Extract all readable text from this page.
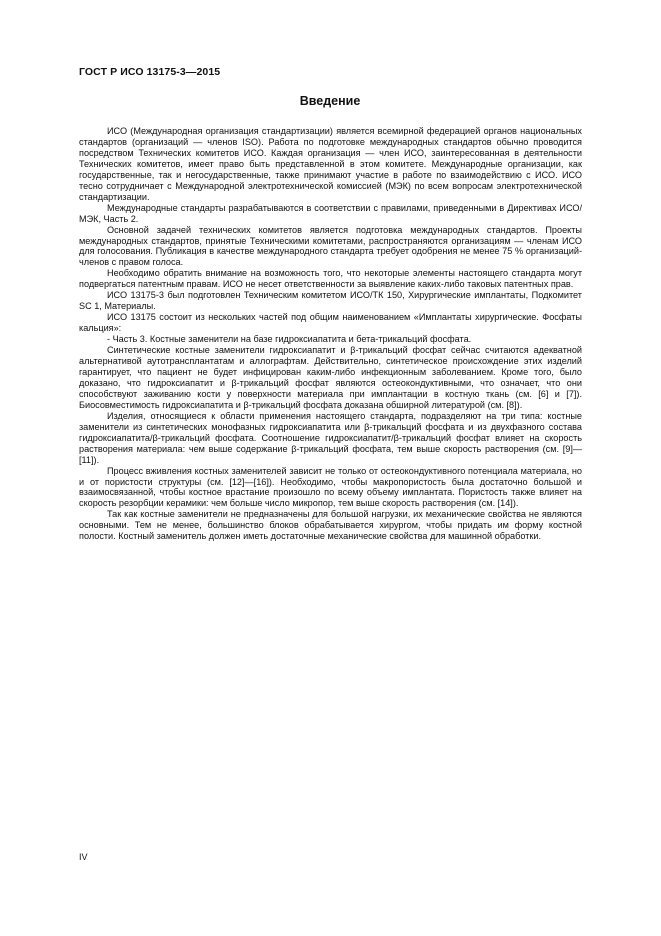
ГОСТ Р ИСО 13175-3—2015
Введение

ИСО (Международная организация стандартизации) является всемирной федерацией органов национальных стандартов (организаций — членов ISO). Работа по подготовке международных стандартов обычно проводится посредством Технических комитетов ИСО. Каждая организация — член ИСО, заинтересованная в деятельности Технических комитетов, имеет право быть представленной в этом комитете. Международные организации, как государственные, так и негосударственные, также принимают участие в работе по взаимодействию с ИСО. ИСО тесно сотрудничает с Международной электротехнической комиссией (МЭК) по всем вопросам электротехнической стандартизации.

Международные стандарты разрабатываются в соответствии с правилами, приведенными в Директивах ИСО/МЭК, Часть 2.

Основной задачей технических комитетов является подготовка международных стандартов. Проекты международных стандартов, принятые Техническими комитетами, распространяются организациям — членам ИСО для голосования. Публикация в качестве международного стандарта требует одобрения не менее 75 % организаций-членов с правом голоса.

Необходимо обратить внимание на возможность того, что некоторые элементы настоящего стандарта могут подвергаться патентным правам. ИСО не несет ответственности за выявление каких-либо таковых патентных прав.

ИСО 13175-3 был подготовлен Техническим комитетом ИСО/ТК 150, Хирургические имплантаты, Подкомитет SC 1, Материалы.

ИСО 13175 состоит из нескольких частей под общим наименованием «Имплантаты хирургические. Фосфаты кальция»:

- Часть 3. Костные заменители на базе гидроксиапатита и бета-трикальций фосфата.

Синтетические костные заменители гидроксиапатит и β-трикальций фосфат сейчас считаются адекватной альтернативой аутотрансплантатам и аллографтам. Действительно, синтетическое происхождение этих изделий гарантирует, что пациент не будет инфицирован каким-либо инфекционным заболеванием. Кроме того, было доказано, что гидроксиапатит и β-трикальций фосфат являются остеокондуктивными, что означает, что они способствуют заживанию кости у поверхности материала при имплантации в костную ткань (см. [6] и [7]). Биосовместимость гидроксиапатита и β-трикальций фосфата доказана обширной литературой (см. [8]).

Изделия, относящиеся к области применения настоящего стандарта, подразделяют на три типа: костные заменители из синтетических монофазных гидроксиапатита или β-трикальций фосфата и из двухфазного состава гидроксиапатита/β-трикальций фосфата. Соотношение гидроксиапатит/β-трикальций фосфат влияет на скорость растворения материала: чем выше содержание β-трикальций фосфата, тем выше скорость растворения (см. [9]—[11]).

Процесс вживления костных заменителей зависит не только от остеокондуктивного потенциала материала, но и от пористости структуры (см. [12]—[16]). Необходимо, чтобы макропористость была достаточно большой и взаимосвязанной, чтобы костное врастание произошло по всему объему имплантата. Пористость также влияет на скорость резорбции керамики: чем больше число микропор, тем выше скорость растворения (см. [14]).

Так как костные заменители не предназначены для большой нагрузки, их механические свойства не являются основными. Тем не менее, большинство блоков обрабатывается хирургом, чтобы придать им форму костной полости. Костный заменитель должен иметь достаточные механические свойства для машинной обработки.

IV
